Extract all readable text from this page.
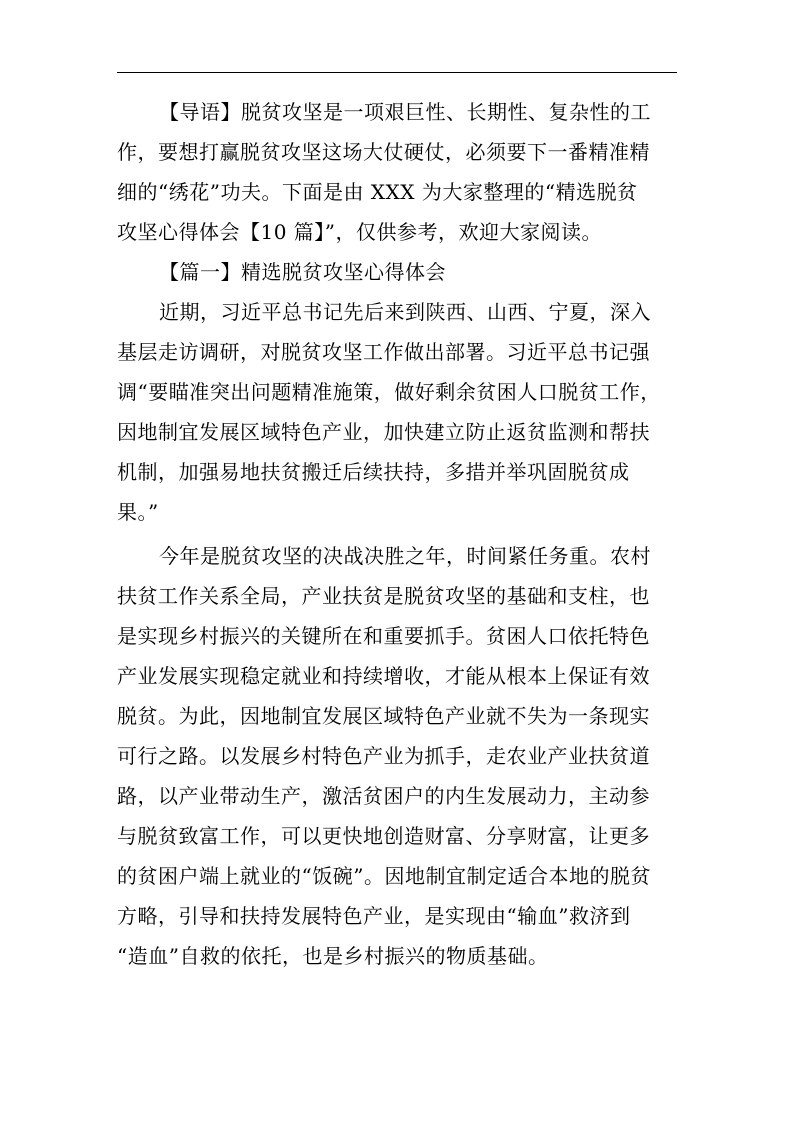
【导语】脱贫攻坚是一项艰巨性、长期性、复杂性的工
作，要想打赢脱贫攻坚这场大仗硬仗，必须要下一番精准精
细的“绣花”功夫。下面是由 XXX 为大家整理的“精选脱贫
攻坚心得体会【10 篇】”，仅供参考，欢迎大家阅读。
【篇一】精选脱贫攻坚心得体会
近期，习近平总书记先后来到陕西、山西、宁夏，深入
基层走访调研，对脱贫攻坚工作做出部署。习近平总书记强
调“要瞄准突出问题精准施策，做好剩余贫困人口脱贫工作，
因地制宜发展区域特色产业，加快建立防止返贫监测和帮扶
机制，加强易地扶贫搬迁后续扶持，多措并举巩固脱贫成
果。”
今年是脱贫攻坚的决战决胜之年，时间紧任务重。农村
扶贫工作关系全局，产业扶贫是脱贫攻坚的基础和支柱，也
是实现乡村振兴的关键所在和重要抓手。贫困人口依托特色
产业发展实现稳定就业和持续增收，才能从根本上保证有效
脱贫。为此，因地制宜发展区域特色产业就不失为一条现实
可行之路。以发展乡村特色产业为抓手，走农业产业扶贫道
路，以产业带动生产，激活贫困户的内生发展动力，主动参
与脱贫致富工作，可以更快地创造财富、分享财富，让更多
的贫困户端上就业的“饭碗”。因地制宜制定适合本地的脱贫
方略，引导和扶持发展特色产业，是实现由“输血”救济到
“造血”自救的依托，也是乡村振兴的物质基础。
